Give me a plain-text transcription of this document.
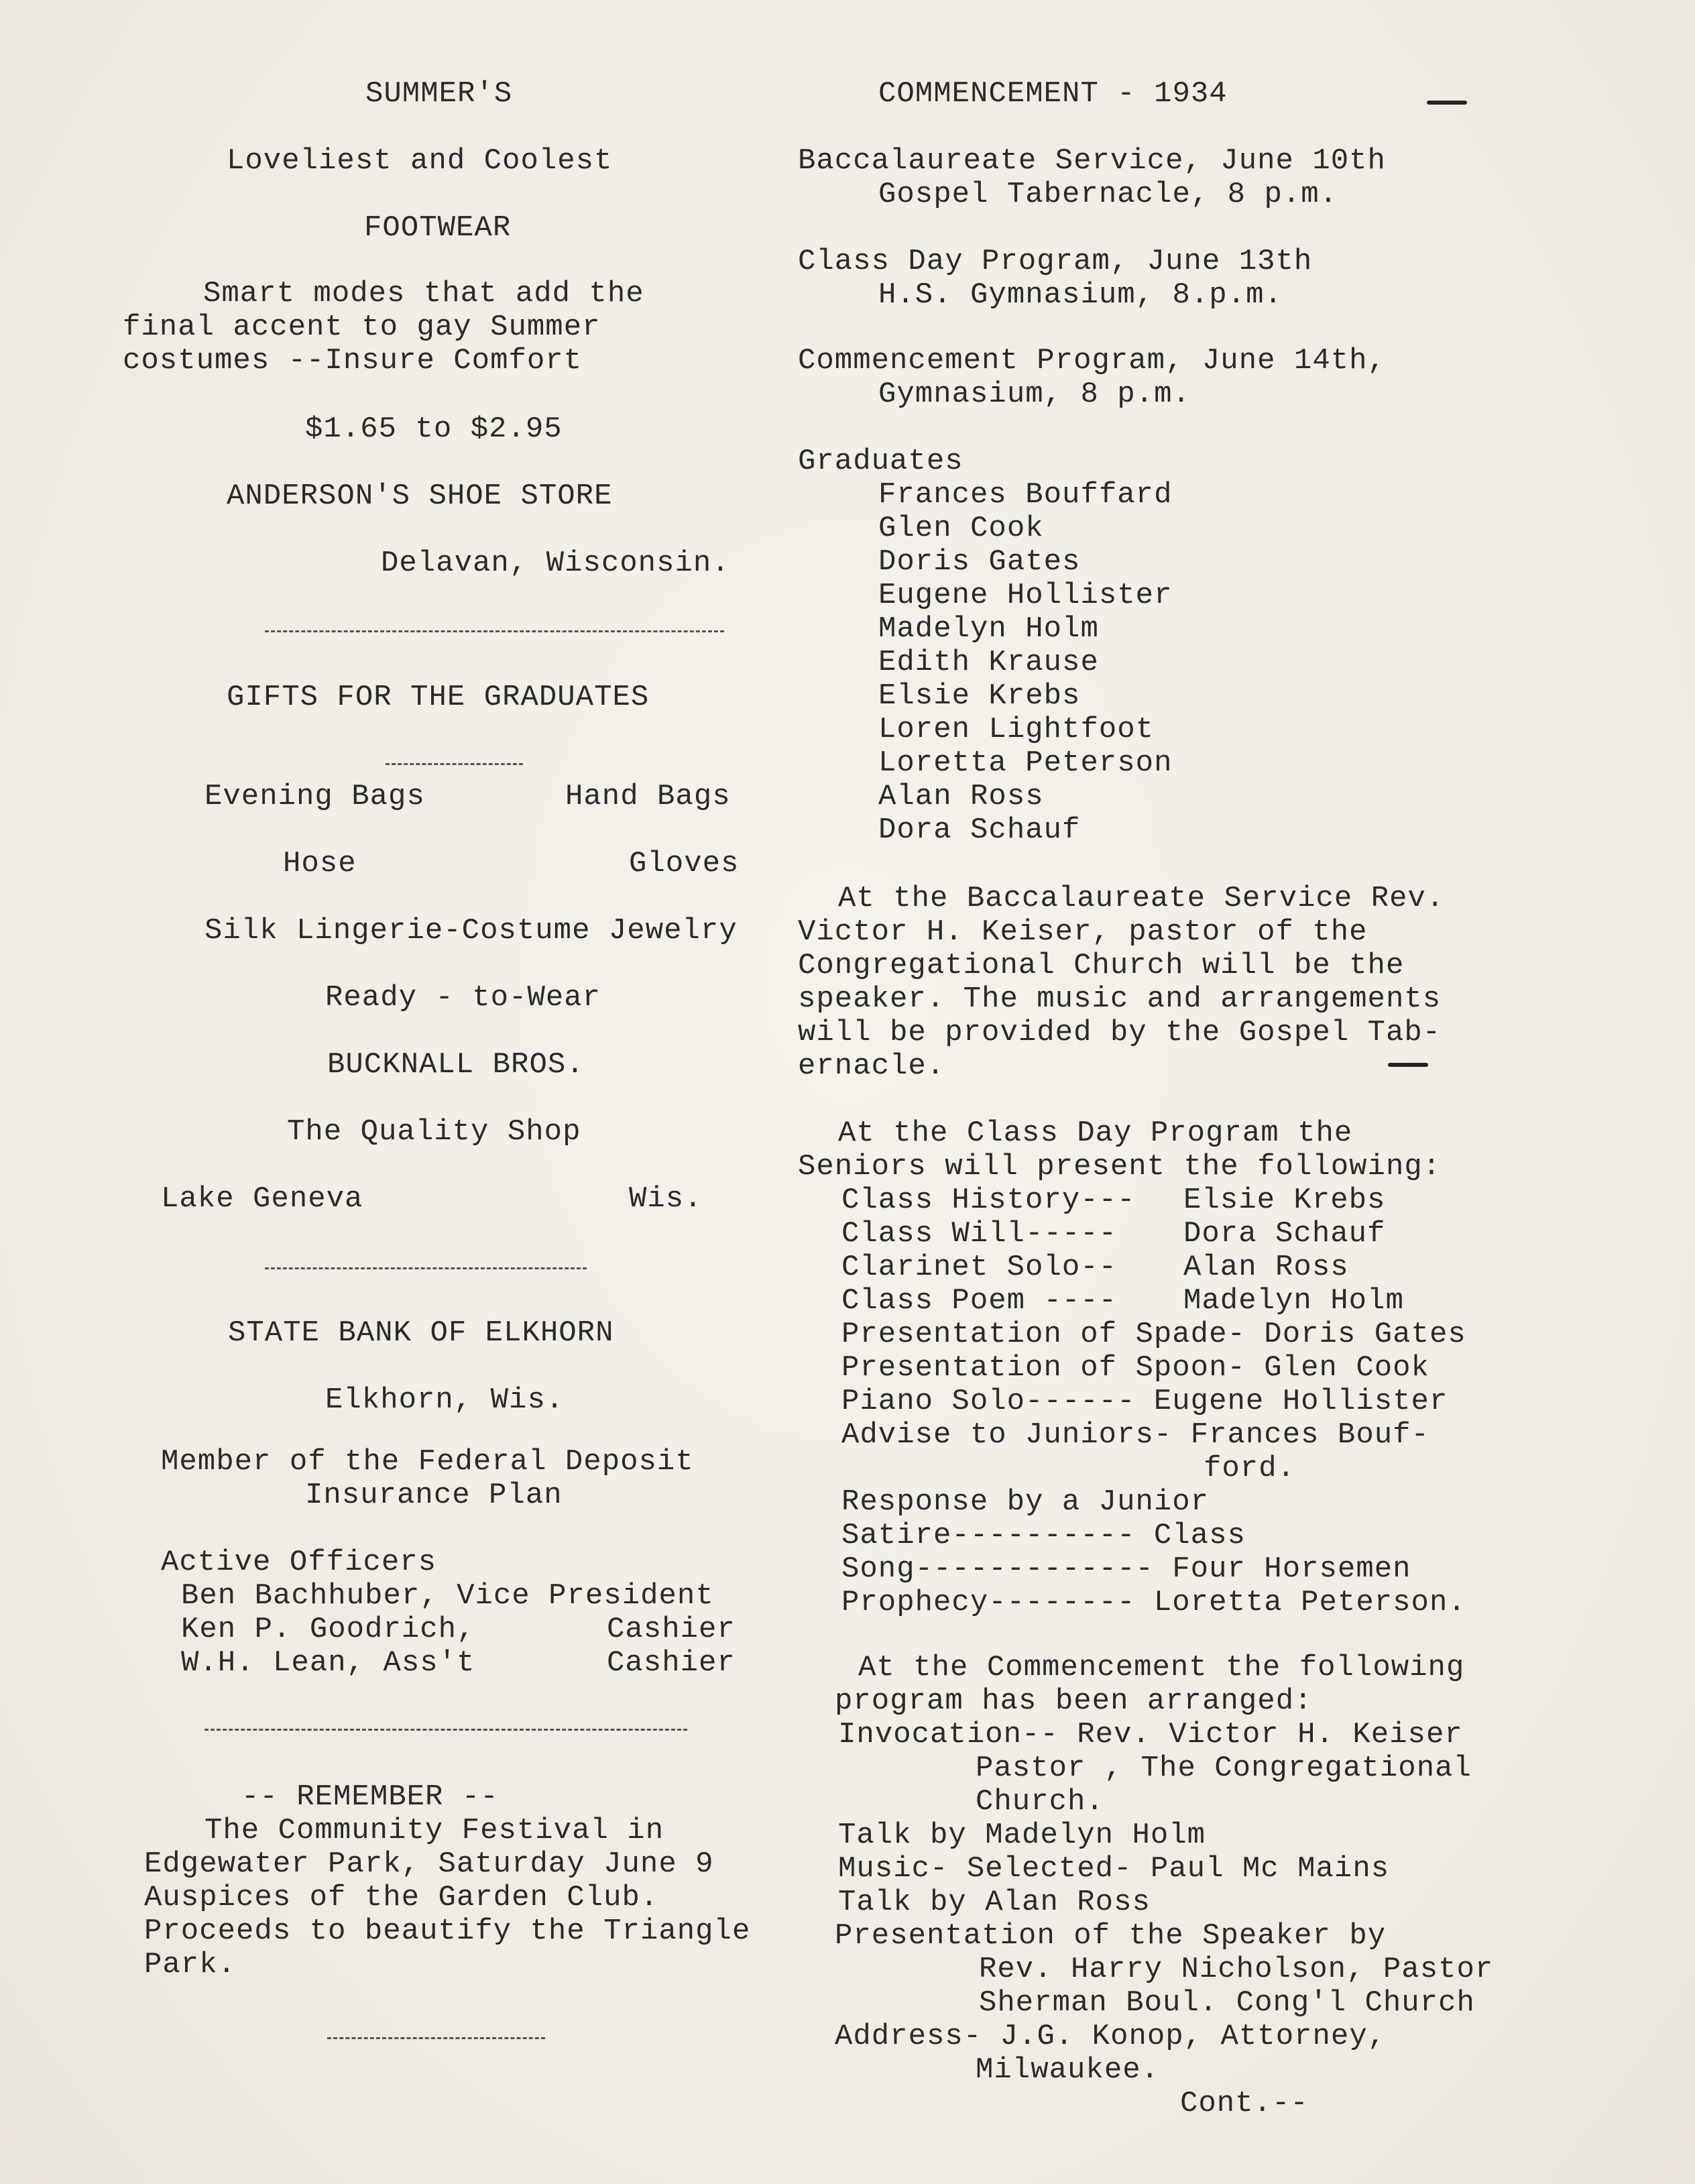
SUMMER'S
Loveliest and Coolest
FOOTWEAR
Smart modes that add the
final accent to gay Summer
costumes --Insure Comfort
$1.65 to $2.95
ANDERSON'S SHOE STORE
Delavan, Wisconsin.
GIFTS FOR THE GRADUATES
Evening Bags	Hand Bags
Hose	Gloves
Silk Lingerie-Costume Jewelry
Ready - to-Wear
BUCKNALL BROS.
The Quality Shop
Lake Geneva	Wis.
STATE BANK OF ELKHORN
Elkhorn, Wis.
Member of the Federal Deposit
Insurance Plan
Active Officers
Ben Bachhuber, Vice President
Ken P. Goodrich,	Cashier
W.H. Lean, Ass't	Cashier
-- REMEMBER --
The Community Festival in
Edgewater Park, Saturday June 9
Auspices of the Garden Club.
Proceeds to beautify the Triangle
Park.
COMMENCEMENT - 1934
Baccalaureate Service, June 10th
Gospel Tabernacle, 8 p.m.
Class Day Program, June 13th
H.S. Gymnasium, 8.p.m.
Commencement Program, June 14th,
Gymnasium, 8 p.m.
Graduates
Frances Bouffard
Glen Cook
Doris Gates
Eugene Hollister
Madelyn Holm
Edith Krause
Elsie Krebs
Loren Lightfoot
Loretta Peterson
Alan Ross
Dora Schauf
At the Baccalaureate Service Rev.
Victor H. Keiser, pastor of the
Congregational Church will be the
speaker. The music and arrangements
will be provided by the Gospel Tab-
ernacle.
At the Class Day Program the
Seniors will present the following:
Class History--- Elsie Krebs
Class Will----- Dora Schauf
Clarinet Solo-- Alan Ross
Class Poem ---- Madelyn Holm
Presentation of Spade- Doris Gates
Presentation of Spoon- Glen Cook
Piano Solo------ Eugene Hollister
Advise to Juniors- Frances Bouf-
ford.
Response by a Junior
Satire---------- Class
Song------------- Four Horsemen
Prophecy-------- Loretta Peterson.
At the Commencement the following
program has been arranged:
Invocation-- Rev. Victor H. Keiser
Pastor , The Congregational
Church.
Talk by Madelyn Holm
Music- Selected- Paul Mc Mains
Talk by Alan Ross
Presentation of the Speaker by
Rev. Harry Nicholson, Pastor
Sherman Boul. Cong'l Church
Address- J.G. Konop, Attorney,
Milwaukee.
Cont.--
